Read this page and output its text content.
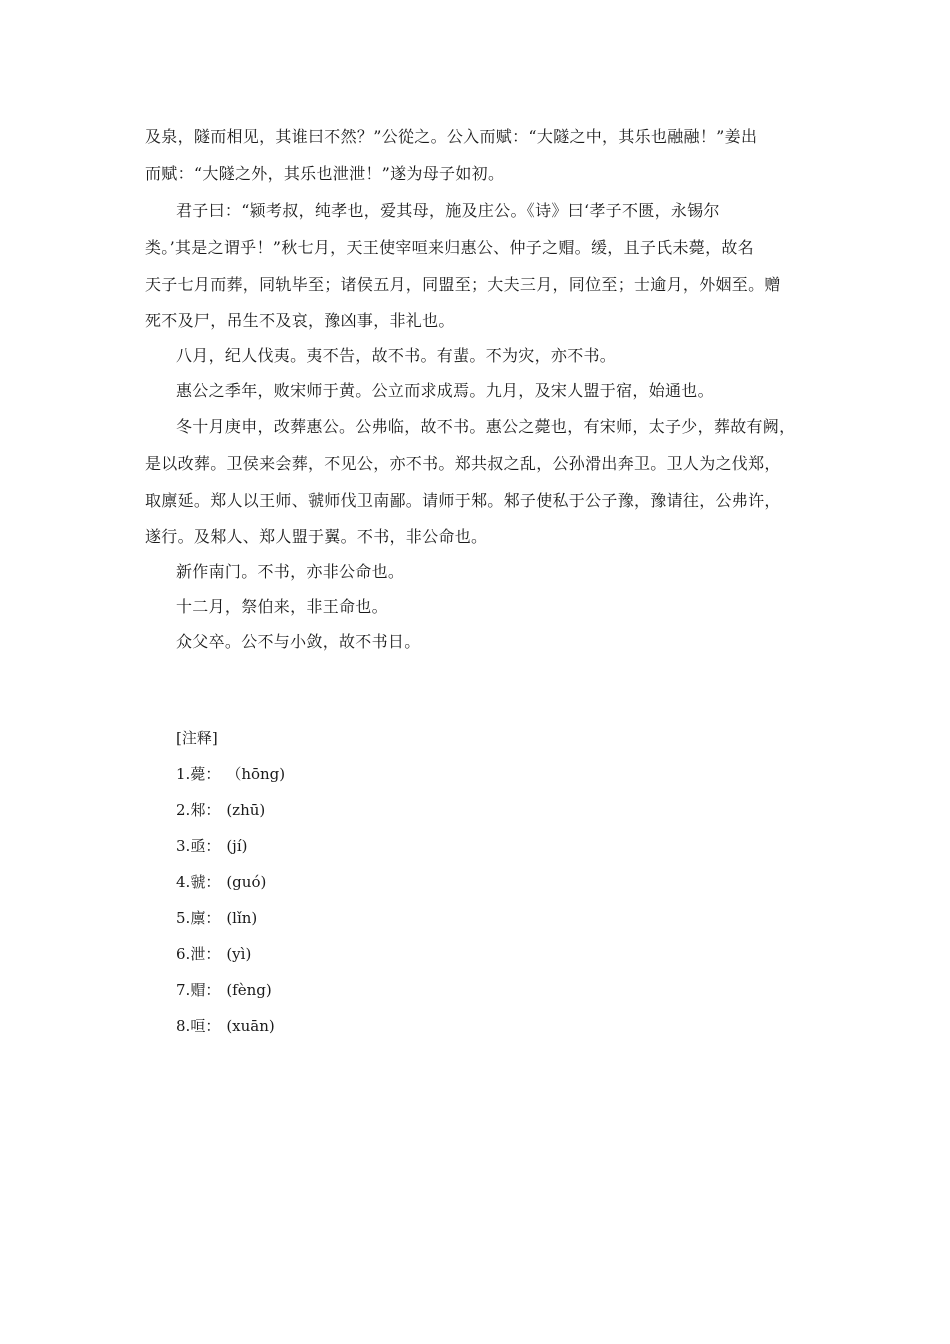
及泉，隧而相见，其谁曰不然？”公從之。公入而赋：“大隧之中，其乐也融融！”姜出
而赋：“大隧之外，其乐也泄泄！”遂为母子如初。
君子曰：“颍考叔，纯孝也，爱其母，施及庄公。《诗》曰‘孝子不匮，永锡尔
类。’其是之谓乎！”秋七月，天王使宰咺来归惠公、仲子之赗。缓，且子氏未薨，故名
天子七月而葬，同轨毕至；诸侯五月，同盟至；大夫三月，同位至；士逾月，外姻至。赠
死不及尸，吊生不及哀，豫凶事，非礼也。
八月，纪人伐夷。夷不告，故不书。有蜚。不为灾，亦不书。
惠公之季年，败宋师于黄。公立而求成焉。九月，及宋人盟于宿，始通也。
冬十月庚申，改葬惠公。公弗临，故不书。惠公之薨也，有宋师，太子少，葬故有阙，
是以改葬。卫侯来会葬，不见公，亦不书。郑共叔之乱，公孙滑出奔卫。卫人为之伐郑，
取廪延。郑人以王师、虢师伐卫南鄙。请师于邾。邾子使私于公子豫，豫请往，公弗许，
遂行。及邾人、郑人盟于翼。不书，非公命也。
新作南门。不书，亦非公命也。
十二月，祭伯来，非王命也。
众父卒。公不与小敛，故不书日。
[注释]
1.薨： （hōng)
2.邾： (zhū)
3.亟： (jí)
4.虢： (guó)
5.廪： (lǐn)
6.泄： (yì)
7.赗： (fèng)
8.咺： (xuān)
